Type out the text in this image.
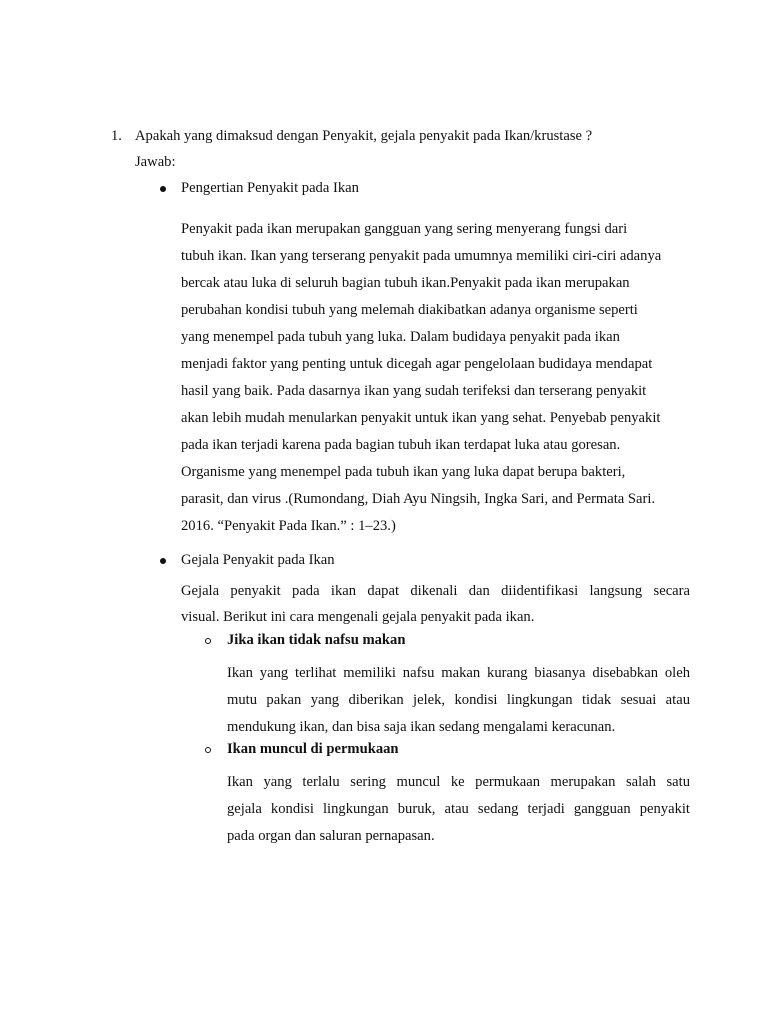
1. Apakah yang dimaksud dengan Penyakit, gejala penyakit pada Ikan/krustase ?
Jawab:
Pengertian Penyakit pada Ikan
Penyakit pada ikan merupakan gangguan yang sering menyerang fungsi dari
tubuh ikan. Ikan yang terserang penyakit pada umumnya memiliki ciri-ciri adanya
bercak atau luka di seluruh bagian tubuh ikan.Penyakit pada ikan merupakan
perubahan kondisi tubuh yang melemah diakibatkan adanya organisme seperti
yang menempel pada tubuh yang luka. Dalam budidaya penyakit pada ikan
menjadi faktor yang penting untuk dicegah agar pengelolaan budidaya mendapat
hasil yang baik. Pada dasarnya ikan yang sudah terifeksi dan terserang penyakit
akan lebih mudah menularkan penyakit untuk ikan yang sehat. Penyebab penyakit
pada ikan terjadi karena pada bagian tubuh ikan terdapat luka atau goresan.
Organisme yang menempel pada tubuh ikan yang luka dapat berupa bakteri,
parasit, dan virus .(Rumondang, Diah Ayu Ningsih, Ingka Sari, and Permata Sari.
2016. “Penyakit Pada Ikan.” : 1–23.)
Gejala Penyakit pada Ikan
Gejala penyakit pada ikan dapat dikenali dan diidentifikasi langsung secara
visual. Berikut ini cara mengenali gejala penyakit pada ikan.
Jika ikan tidak nafsu makan
Ikan yang terlihat memiliki nafsu makan kurang biasanya disebabkan oleh
mutu pakan yang diberikan jelek, kondisi lingkungan tidak sesuai atau
mendukung ikan, dan bisa saja ikan sedang mengalami keracunan.
Ikan muncul di permukaan
Ikan yang terlalu sering muncul ke permukaan merupakan salah satu
gejala kondisi lingkungan buruk, atau sedang terjadi gangguan penyakit
pada organ dan saluran pernapasan.
